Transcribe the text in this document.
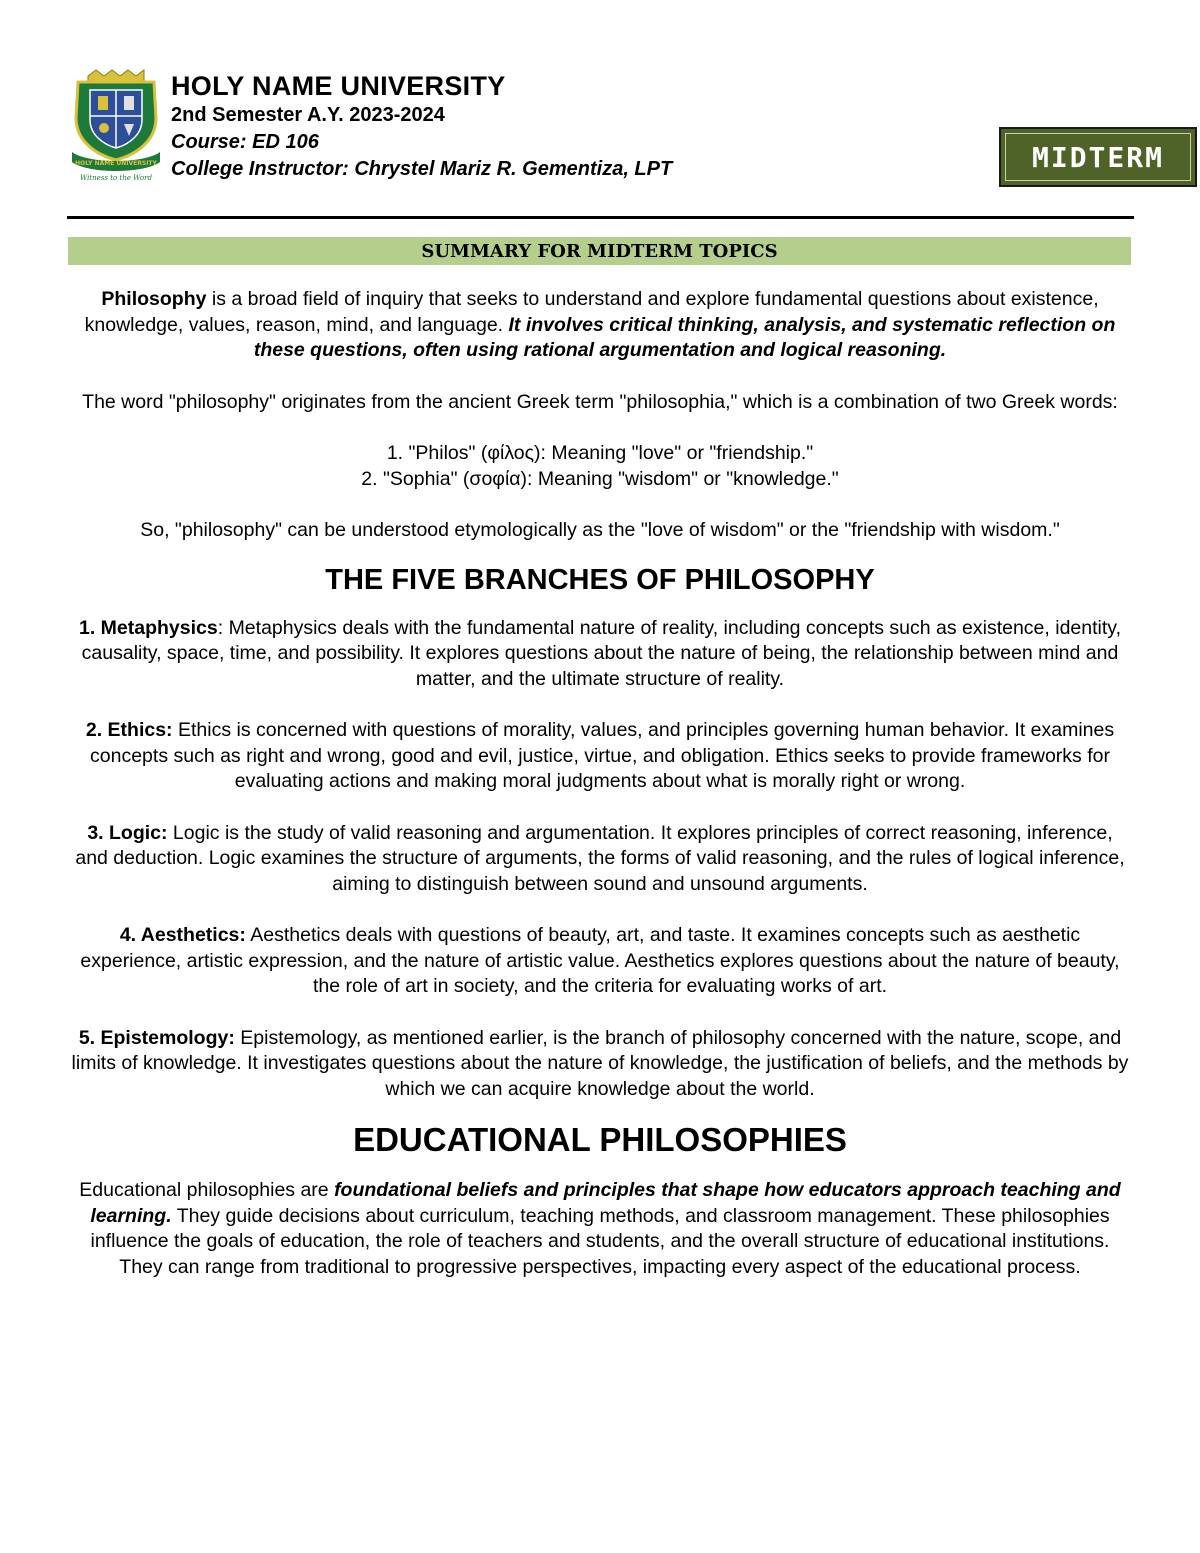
HOLY NAME UNIVERSITY
Witness to the Word
HOLY NAME UNIVERSITY
2nd Semester A.Y. 2023-2024
Course: ED 106
College Instructor: Chrystel Mariz R. Gementiza, LPT	MIDTERM
SUMMARY FOR MIDTERM TOPICS

Philosophy is a broad field of inquiry that seeks to understand and explore fundamental questions about existence, knowledge, values, reason, mind, and language. It involves critical thinking, analysis, and systematic reflection on these questions, often using rational argumentation and logical reasoning.

The word "philosophy" originates from the ancient Greek term "philosophia," which is a combination of two Greek words:

1. "Philos" (φίλος): Meaning "love" or "friendship."

2. "Sophia" (σοφία): Meaning "wisdom" or "knowledge."

So, "philosophy" can be understood etymologically as the "love of wisdom" or the "friendship with wisdom."

THE FIVE BRANCHES OF PHILOSOPHY

1. Metaphysics: Metaphysics deals with the fundamental nature of reality, including concepts such as existence, identity, causality, space, time, and possibility. It explores questions about the nature of being, the relationship between mind and matter, and the ultimate structure of reality.

2. Ethics: Ethics is concerned with questions of morality, values, and principles governing human behavior. It examines concepts such as right and wrong, good and evil, justice, virtue, and obligation. Ethics seeks to provide frameworks for evaluating actions and making moral judgments about what is morally right or wrong.

3. Logic: Logic is the study of valid reasoning and argumentation. It explores principles of correct reasoning, inference, and deduction. Logic examines the structure of arguments, the forms of valid reasoning, and the rules of logical inference, aiming to distinguish between sound and unsound arguments.

4. Aesthetics: Aesthetics deals with questions of beauty, art, and taste. It examines concepts such as aesthetic experience, artistic expression, and the nature of artistic value. Aesthetics explores questions about the nature of beauty, the role of art in society, and the criteria for evaluating works of art.

5. Epistemology: Epistemology, as mentioned earlier, is the branch of philosophy concerned with the nature, scope, and limits of knowledge. It investigates questions about the nature of knowledge, the justification of beliefs, and the methods by which we can acquire knowledge about the world.

EDUCATIONAL PHILOSOPHIES

Educational philosophies are foundational beliefs and principles that shape how educators approach teaching and learning. They guide decisions about curriculum, teaching methods, and classroom management. These philosophies influence the goals of education, the role of teachers and students, and the overall structure of educational institutions. They can range from traditional to progressive perspectives, impacting every aspect of the educational process.
